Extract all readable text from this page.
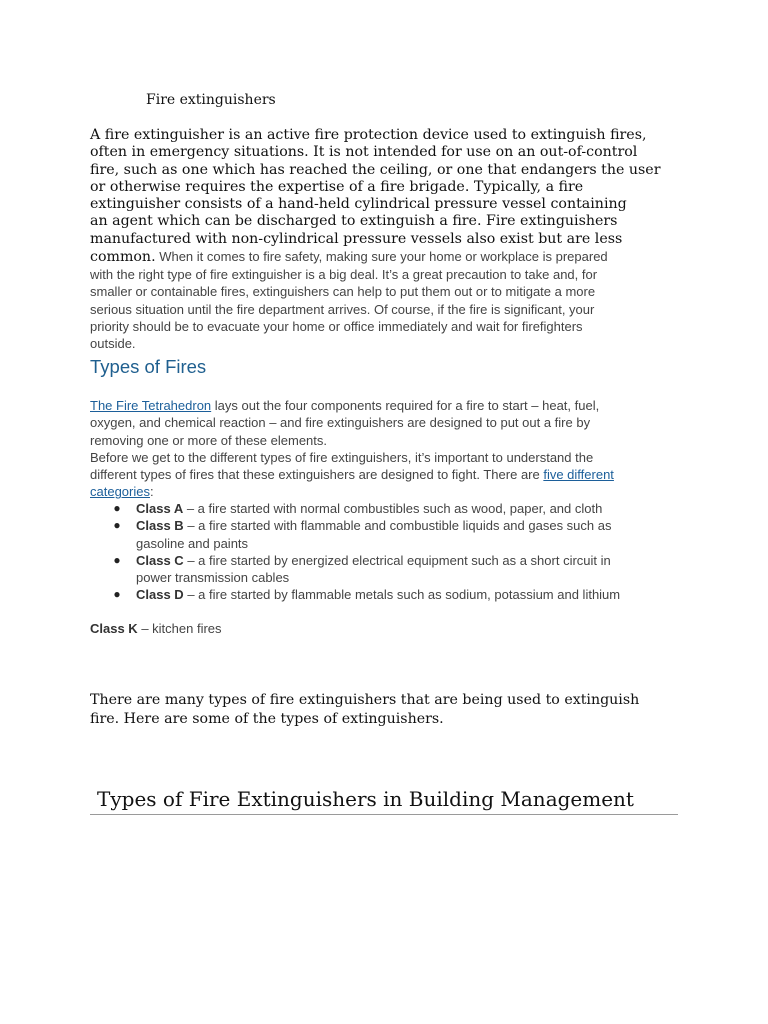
Fire extinguishers
A fire extinguisher is an active fire protection device used to extinguish fires,
often in emergency situations. It is not intended for use on an out-of-control
fire, such as one which has reached the ceiling, or one that endangers the user
or otherwise requires the expertise of a fire brigade. Typically, a fire
extinguisher consists of a hand-held cylindrical pressure vessel containing
an agent which can be discharged to extinguish a fire. Fire extinguishers
manufactured with non-cylindrical pressure vessels also exist but are less
common. When it comes to fire safety, making sure your home or workplace is prepared
with the right type of fire extinguisher is a big deal. It’s a great precaution to take and, for
smaller or containable fires, extinguishers can help to put them out or to mitigate a more
serious situation until the fire department arrives. Of course, if the fire is significant, your
priority should be to evacuate your home or office immediately and wait for firefighters
outside.
Types of Fires
The Fire Tetrahedron lays out the four components required for a fire to start – heat, fuel,
oxygen, and chemical reaction – and fire extinguishers are designed to put out a fire by
removing one or more of these elements.
Before we get to the different types of fire extinguishers, it’s important to understand the
different types of fires that these extinguishers are designed to fight. There are five different
categories:
● Class A – a fire started with normal combustibles such as wood, paper, and cloth
● Class B – a fire started with flammable and combustible liquids and gases such as
gasoline and paints
● Class C – a fire started by energized electrical equipment such as a short circuit in
power transmission cables
● Class D – a fire started by flammable metals such as sodium, potassium and lithium
Class K – kitchen fires
There are many types of fire extinguishers that are being used to extinguish
fire. Here are some of the types of extinguishers.
Types of Fire Extinguishers in Building Management
